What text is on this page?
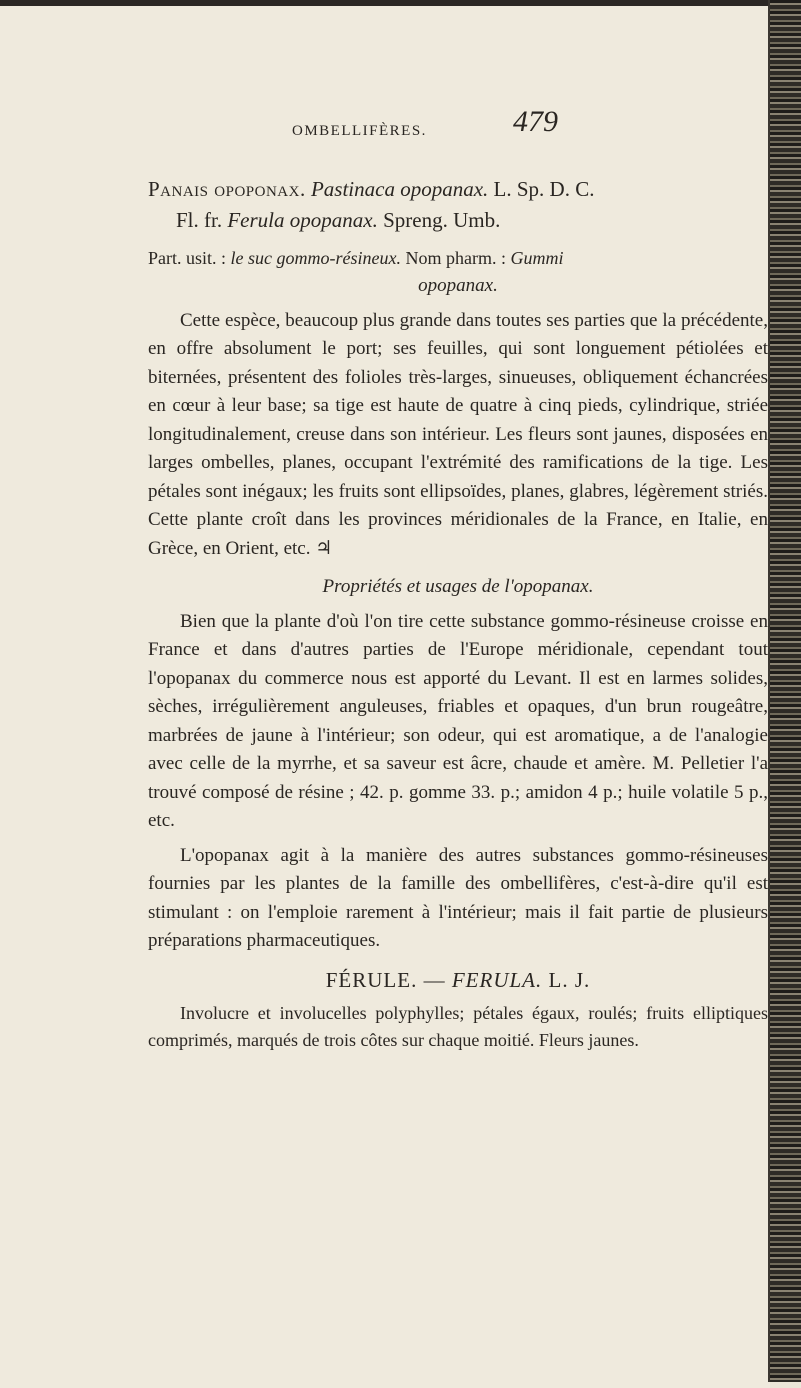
OMBELLIFÈRES.	479

Panais opoponax. Pastinaca opopanax. L. Sp. D. C.

Fl. fr. Ferula opopanax. Spreng. Umb.

Part. usit. : le suc gommo-résineux. Nom pharm. : Gummi

opopanax.

Cette espèce, beaucoup plus grande dans toutes ses parties que la précédente, en offre absolument le port; ses feuilles, qui sont longuement pétiolées et biternées, présentent des folioles très-larges, sinueuses, obliquement échancrées en cœur à leur base; sa tige est haute de quatre à cinq pieds, cylindrique, striée longitudinalement, creuse dans son intérieur. Les fleurs sont jaunes, disposées en larges ombelles, planes, occupant l'extrémité des ramifications de la tige. Les pétales sont inégaux; les fruits sont ellipsoïdes, planes, glabres, légèrement striés. Cette plante croît dans les provinces méridionales de la France, en Italie, en Grèce, en Orient, etc. ♃

Propriétés et usages de l'opopanax.

Bien que la plante d'où l'on tire cette substance gommo-résineuse croisse en France et dans d'autres parties de l'Europe méridionale, cependant tout l'opopanax du commerce nous est apporté du Levant. Il est en larmes solides, sèches, irrégulièrement anguleuses, friables et opaques, d'un brun rougeâtre, marbrées de jaune à l'intérieur; son odeur, qui est aromatique, a de l'analogie avec celle de la myrrhe, et sa saveur est âcre, chaude et amère. M. Pelletier l'a trouvé composé de résine ; 42. p. gomme 33. p.; amidon 4 p.; huile volatile 5 p., etc.

L'opopanax agit à la manière des autres substances gommo-résineuses fournies par les plantes de la famille des ombellifères, c'est-à-dire qu'il est stimulant : on l'emploie rarement à l'intérieur; mais il fait partie de plusieurs préparations pharmaceutiques.

FÉRULE. — FERULA. L. J.

Involucre et involucelles polyphylles; pétales égaux, roulés; fruits elliptiques comprimés, marqués de trois côtes sur chaque moitié. Fleurs jaunes.
